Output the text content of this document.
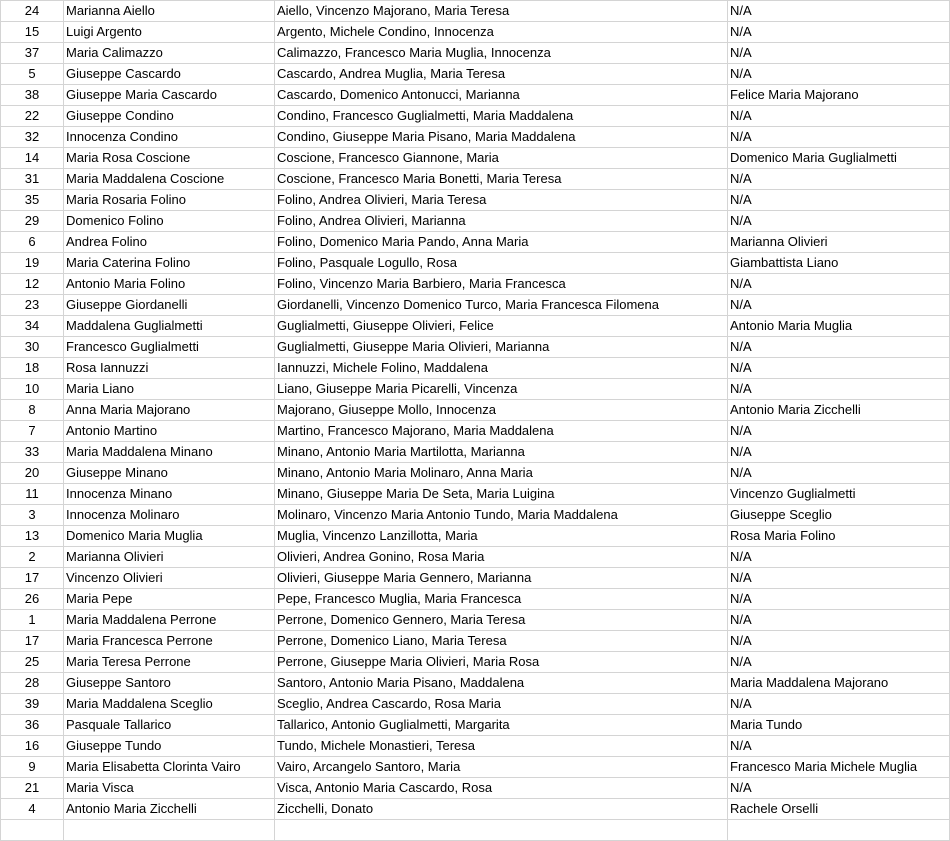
24	Marianna Aiello	Aiello, Vincenzo Majorano, Maria Teresa	N/A
15	Luigi Argento	Argento, Michele Condino, Innocenza	N/A
37	Maria Calimazzo	Calimazzo, Francesco Maria Muglia, Innocenza	N/A
5	Giuseppe Cascardo	Cascardo, Andrea Muglia, Maria Teresa	N/A
38	Giuseppe Maria Cascardo	Cascardo, Domenico Antonucci, Marianna	Felice Maria Majorano
22	Giuseppe Condino	Condino, Francesco Guglialmetti, Maria Maddalena	N/A
32	Innocenza Condino	Condino, Giuseppe Maria Pisano, Maria Maddalena	N/A
14	Maria Rosa Coscione	Coscione, Francesco Giannone, Maria	Domenico Maria Guglialmetti
31	Maria Maddalena Coscione	Coscione, Francesco Maria Bonetti, Maria Teresa	N/A
35	Maria Rosaria Folino	Folino, Andrea Olivieri, Maria Teresa	N/A
29	Domenico Folino	Folino, Andrea Olivieri, Marianna	N/A
6	Andrea Folino	Folino, Domenico Maria Pando, Anna Maria	Marianna Olivieri
19	Maria Caterina Folino	Folino, Pasquale Logullo, Rosa	Giambattista Liano
12	Antonio Maria Folino	Folino, Vincenzo Maria Barbiero, Maria Francesca	N/A
23	Giuseppe Giordanelli	Giordanelli, Vincenzo Domenico Turco, Maria Francesca Filomena	N/A
34	Maddalena Guglialmetti	Guglialmetti, Giuseppe Olivieri, Felice	Antonio Maria Muglia
30	Francesco Guglialmetti	Guglialmetti, Giuseppe Maria Olivieri, Marianna	N/A
18	Rosa Iannuzzi	Iannuzzi, Michele Folino, Maddalena	N/A
10	Maria Liano	Liano, Giuseppe Maria Picarelli, Vincenza	N/A
8	Anna Maria Majorano	Majorano, Giuseppe Mollo, Innocenza	Antonio Maria Zicchelli
7	Antonio Martino	Martino, Francesco Majorano, Maria Maddalena	N/A
33	Maria Maddalena Minano	Minano, Antonio Maria Martilotta, Marianna	N/A
20	Giuseppe Minano	Minano, Antonio Maria Molinaro, Anna Maria	N/A
11	Innocenza Minano	Minano, Giuseppe Maria De Seta, Maria Luigina	Vincenzo Guglialmetti
3	Innocenza Molinaro	Molinaro, Vincenzo Maria Antonio Tundo, Maria Maddalena	Giuseppe Sceglio
13	Domenico Maria Muglia	Muglia, Vincenzo Lanzillotta, Maria	Rosa Maria Folino
2	Marianna Olivieri	Olivieri, Andrea Gonino, Rosa Maria	N/A
17	Vincenzo Olivieri	Olivieri, Giuseppe Maria Gennero, Marianna	N/A
26	Maria Pepe	Pepe, Francesco Muglia, Maria Francesca	N/A
1	Maria Maddalena Perrone	Perrone, Domenico Gennero, Maria Teresa	N/A
17	Maria Francesca Perrone	Perrone, Domenico Liano, Maria Teresa	N/A
25	Maria Teresa Perrone	Perrone, Giuseppe Maria Olivieri, Maria Rosa	N/A
28	Giuseppe Santoro	Santoro, Antonio Maria Pisano, Maddalena	Maria Maddalena Majorano
39	Maria Maddalena Sceglio	Sceglio, Andrea Cascardo, Rosa Maria	N/A
36	Pasquale Tallarico	Tallarico, Antonio Guglialmetti, Margarita	Maria Tundo
16	Giuseppe Tundo	Tundo, Michele Monastieri, Teresa	N/A
9	Maria Elisabetta Clorinta Vairo	Vairo, Arcangelo Santoro, Maria	Francesco Maria Michele Muglia
21	Maria Visca	Visca, Antonio Maria Cascardo, Rosa	N/A
4	Antonio Maria Zicchelli	Zicchelli, Donato	Rachele Orselli
